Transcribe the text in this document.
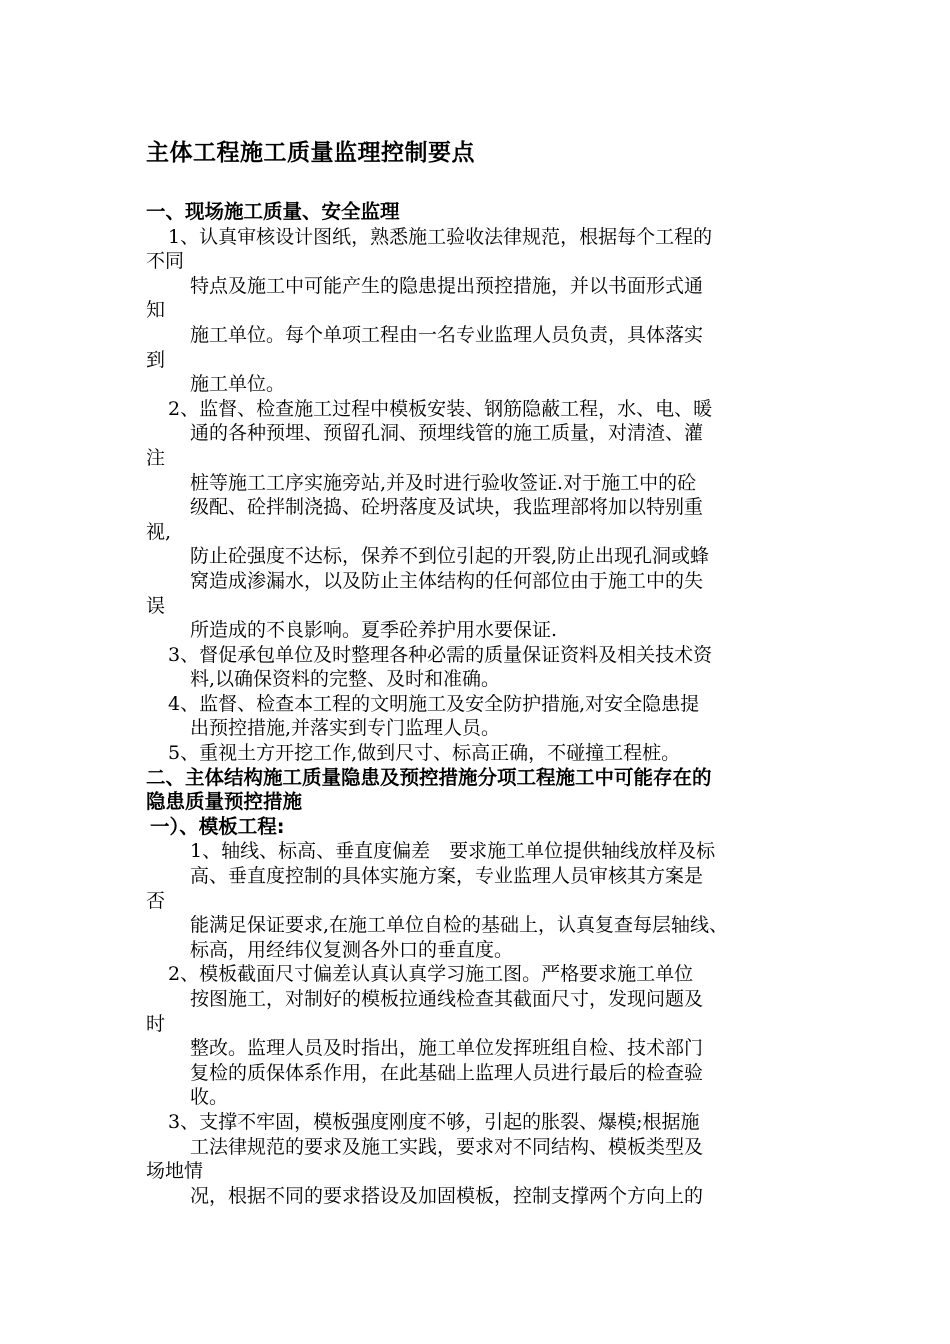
主体工程施工质量监理控制要点
一、现场施工质量、安全监理
1、认真审核设计图纸，熟悉施工验收法律规范，根据每个工程的
不同
特点及施工中可能产生的隐患提出预控措施，并以书面形式通
知
施工单位。每个单项工程由一名专业监理人员负责，具体落实
到
施工单位。
2、监督、检查施工过程中模板安装、钢筋隐蔽工程，水、电、暖
通的各种预埋、预留孔洞、预埋线管的施工质量，对清渣、灌
注
桩等施工工序实施旁站,并及时进行验收签证.对于施工中的砼
级配、砼拌制浇捣、砼坍落度及试块，我监理部将加以特别重
视,
防止砼强度不达标，保养不到位引起的开裂,防止出现孔洞或蜂
窝造成渗漏水，以及防止主体结构的任何部位由于施工中的失
误
所造成的不良影响。夏季砼养护用水要保证.
3、督促承包单位及时整理各种必需的质量保证资料及相关技术资
料,以确保资料的完整、及时和准确。
4、监督、检查本工程的文明施工及安全防护措施,对安全隐患提
出预控措施,并落实到专门监理人员。
5、重视土方开挖工作,做到尺寸、标高正确，不碰撞工程桩。
二、主体结构施工质量隐患及预控措施分项工程施工中可能存在的
隐患质量预控措施
一）、模板工程:
1、轴线、标高、垂直度偏差　要求施工单位提供轴线放样及标
高、垂直度控制的具体实施方案，专业监理人员审核其方案是
否
能满足保证要求,在施工单位自检的基础上，认真复查每层轴线、
标高，用经纬仪复测各外口的垂直度。
2、模板截面尺寸偏差认真认真学习施工图。严格要求施工单位
按图施工，对制好的模板拉通线检查其截面尺寸，发现问题及
时
整改。监理人员及时指出，施工单位发挥班组自检、技术部门
复检的质保体系作用，在此基础上监理人员进行最后的检查验
收。
3、支撑不牢固，模板强度刚度不够，引起的胀裂、爆模;根据施
工法律规范的要求及施工实践，要求对不同结构、模板类型及
场地情
况，根据不同的要求搭设及加固模板，控制支撑两个方向上的
